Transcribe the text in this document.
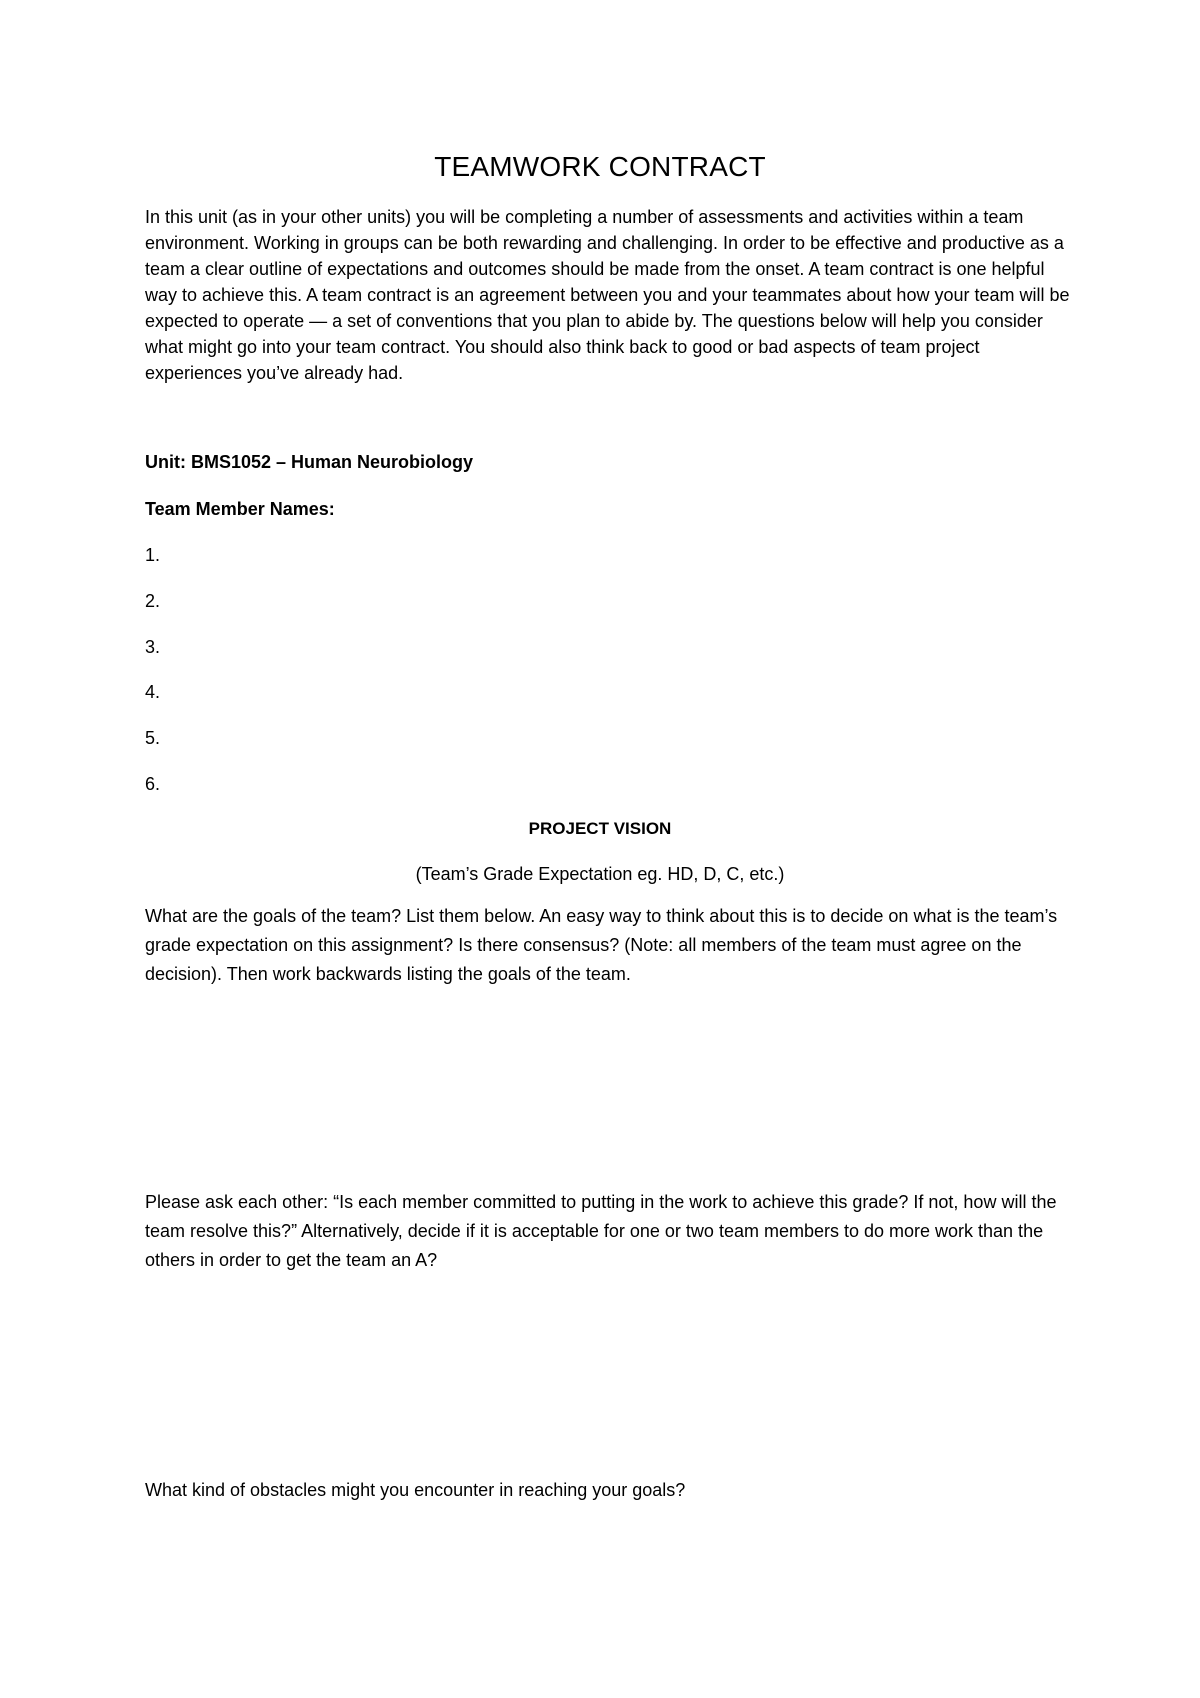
TEAMWORK CONTRACT
In this unit (as in your other units) you will be completing a number of assessments and activities within a team environment. Working in groups can be both rewarding and challenging. In order to be effective and productive as a team a clear outline of expectations and outcomes should be made from the onset. A team contract is one helpful way to achieve this. A team contract is an agreement between you and your teammates about how your team will be expected to operate — a set of conventions that you plan to abide by. The questions below will help you consider what might go into your team contract. You should also think back to good or bad aspects of team project experiences you’ve already had.
Unit: BMS1052 – Human Neurobiology
Team Member Names:
1.
2.
3.
4.
5.
6.
PROJECT VISION
(Team’s Grade Expectation eg. HD, D, C, etc.)
What are the goals of the team? List them below. An easy way to think about this is to decide on what is the team’s grade expectation on this assignment? Is there consensus? (Note: all members of the team must agree on the decision). Then work backwards listing the goals of the team.
Please ask each other: “Is each member committed to putting in the work to achieve this grade? If not, how will the team resolve this?” Alternatively, decide if it is acceptable for one or two team members to do more work than the others in order to get the team an A?
What kind of obstacles might you encounter in reaching your goals?
